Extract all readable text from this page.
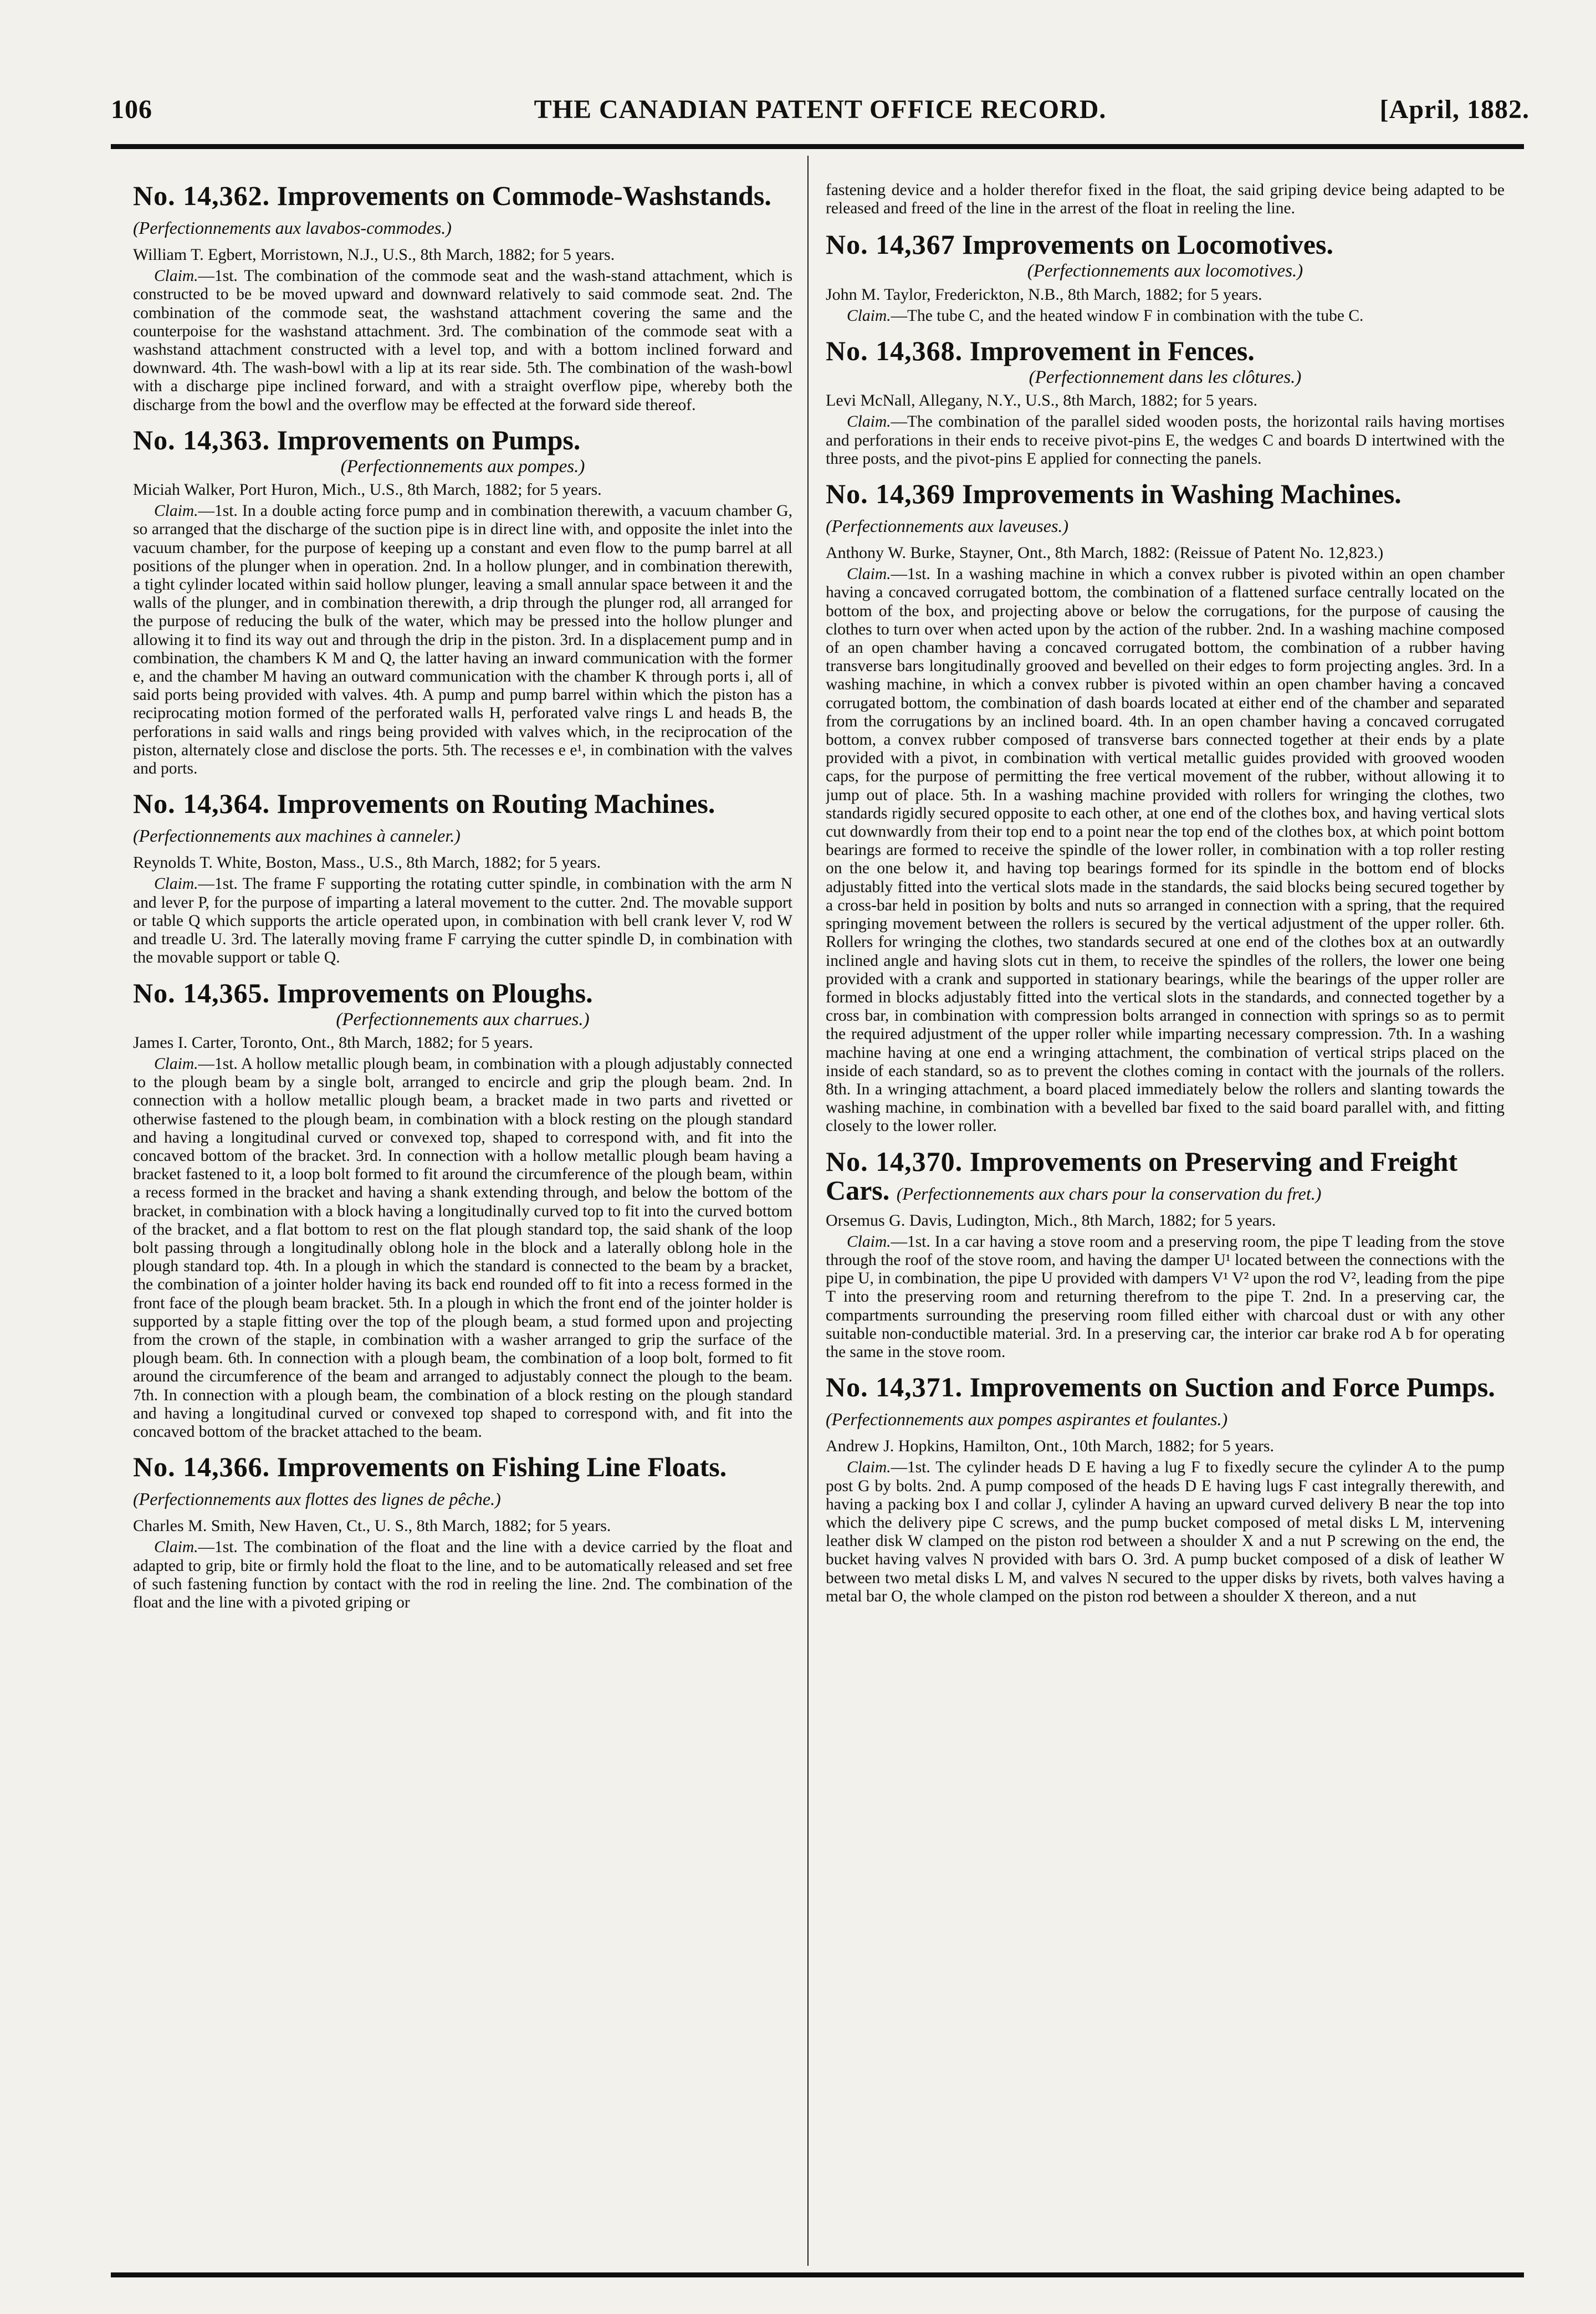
106	THE CANADIAN PATENT OFFICE RECORD.	[April, 1882.
No. 14,362. Improvements on Commode-Washstands. (Perfectionnements aux lavabos-commodes.)

William T. Egbert, Morristown, N.J., U.S., 8th March, 1882; for 5 years.

Claim.—1st. The combination of the commode seat and the wash-stand attachment, which is constructed to be be moved upward and downward relatively to said commode seat. 2nd. The combination of the commode seat, the washstand attachment covering the same and the counterpoise for the washstand attachment. 3rd. The combination of the commode seat with a washstand attachment constructed with a level top, and with a bottom inclined forward and downward. 4th. The wash-bowl with a lip at its rear side. 5th. The combination of the wash-bowl with a discharge pipe inclined forward, and with a straight overflow pipe, whereby both the discharge from the bowl and the overflow may be effected at the forward side thereof.

No. 14,363. Improvements on Pumps.

(Perfectionnements aux pompes.)

Miciah Walker, Port Huron, Mich., U.S., 8th March, 1882; for 5 years.

Claim.—1st. In a double acting force pump and in combination therewith, a vacuum chamber G, so arranged that the discharge of the suction pipe is in direct line with, and opposite the inlet into the vacuum chamber, for the purpose of keeping up a constant and even flow to the pump barrel at all positions of the plunger when in operation. 2nd. In a hollow plunger, and in combination therewith, a tight cylinder located within said hollow plunger, leaving a small annular space between it and the walls of the plunger, and in combination therewith, a drip through the plunger rod, all arranged for the purpose of reducing the bulk of the water, which may be pressed into the hollow plunger and allowing it to find its way out and through the drip in the piston. 3rd. In a displacement pump and in combination, the chambers K M and Q, the latter having an inward communication with the former e, and the chamber M having an outward communication with the chamber K through ports i, all of said ports being provided with valves. 4th. A pump and pump barrel within which the piston has a reciprocating motion formed of the perforated walls H, perforated valve rings L and heads B, the perforations in said walls and rings being provided with valves which, in the reciprocation of the piston, alternately close and disclose the ports. 5th. The recesses e e¹, in combination with the valves and ports.

No. 14,364. Improvements on Routing Machines. (Perfectionnements aux machines à canneler.)

Reynolds T. White, Boston, Mass., U.S., 8th March, 1882; for 5 years.

Claim.—1st. The frame F supporting the rotating cutter spindle, in combination with the arm N and lever P, for the purpose of imparting a lateral movement to the cutter. 2nd. The movable support or table Q which supports the article operated upon, in combination with bell crank lever V, rod W and treadle U. 3rd. The laterally moving frame F carrying the cutter spindle D, in combination with the movable support or table Q.

No. 14,365. Improvements on Ploughs.

(Perfectionnements aux charrues.)

James I. Carter, Toronto, Ont., 8th March, 1882; for 5 years.

Claim.—1st. A hollow metallic plough beam, in combination with a plough adjustably connected to the plough beam by a single bolt, arranged to encircle and grip the plough beam. 2nd. In connection with a hollow metallic plough beam, a bracket made in two parts and rivetted or otherwise fastened to the plough beam, in combination with a block resting on the plough standard and having a longitudinal curved or convexed top, shaped to correspond with, and fit into the concaved bottom of the bracket. 3rd. In connection with a hollow metallic plough beam having a bracket fastened to it, a loop bolt formed to fit around the circumference of the plough beam, within a recess formed in the bracket and having a shank extending through, and below the bottom of the bracket, in combination with a block having a longitudinally curved top to fit into the curved bottom of the bracket, and a flat bottom to rest on the flat plough standard top, the said shank of the loop bolt passing through a longitudinally oblong hole in the block and a laterally oblong hole in the plough standard top. 4th. In a plough in which the standard is connected to the beam by a bracket, the combination of a jointer holder having its back end rounded off to fit into a recess formed in the front face of the plough beam bracket. 5th. In a plough in which the front end of the jointer holder is supported by a staple fitting over the top of the plough beam, a stud formed upon and projecting from the crown of the staple, in combination with a washer arranged to grip the surface of the plough beam. 6th. In connection with a plough beam, the combination of a loop bolt, formed to fit around the circumference of the beam and arranged to adjustably connect the plough to the beam. 7th. In connection with a plough beam, the combination of a block resting on the plough standard and having a longitudinal curved or convexed top shaped to correspond with, and fit into the concaved bottom of the bracket attached to the beam.

No. 14,366. Improvements on Fishing Line Floats. (Perfectionnements aux flottes des lignes de pêche.)

Charles M. Smith, New Haven, Ct., U. S., 8th March, 1882; for 5 years.

Claim.—1st. The combination of the float and the line with a device carried by the float and adapted to grip, bite or firmly hold the float to the line, and to be automatically released and set free of such fastening function by contact with the rod in reeling the line. 2nd. The combination of the float and the line with a pivoted griping or

fastening device and a holder therefor fixed in the float, the said griping device being adapted to be released and freed of the line in the arrest of the float in reeling the line.

No. 14,367 Improvements on Locomotives.

(Perfectionnements aux locomotives.)

John M. Taylor, Frederickton, N.B., 8th March, 1882; for 5 years.

Claim.—The tube C, and the heated window F in combination with the tube C.

No. 14,368. Improvement in Fences.

(Perfectionnement dans les clôtures.)

Levi McNall, Allegany, N.Y., U.S., 8th March, 1882; for 5 years.

Claim.—The combination of the parallel sided wooden posts, the horizontal rails having mortises and perforations in their ends to receive pivot-pins E, the wedges C and boards D intertwined with the three posts, and the pivot-pins E applied for connecting the panels.

No. 14,369 Improvements in Washing Machines. (Perfectionnements aux laveuses.)

Anthony W. Burke, Stayner, Ont., 8th March, 1882: (Reissue of Patent No. 12,823.)

Claim.—1st. In a washing machine in which a convex rubber is pivoted within an open chamber having a concaved corrugated bottom, the combination of a flattened surface centrally located on the bottom of the box, and projecting above or below the corrugations, for the purpose of causing the clothes to turn over when acted upon by the action of the rubber. 2nd. In a washing machine composed of an open chamber having a concaved corrugated bottom, the combination of a rubber having transverse bars longitudinally grooved and bevelled on their edges to form projecting angles. 3rd. In a washing machine, in which a convex rubber is pivoted within an open chamber having a concaved corrugated bottom, the combination of dash boards located at either end of the chamber and separated from the corrugations by an inclined board. 4th. In an open chamber having a concaved corrugated bottom, a convex rubber composed of transverse bars connected together at their ends by a plate provided with a pivot, in combination with vertical metallic guides provided with grooved wooden caps, for the purpose of permitting the free vertical movement of the rubber, without allowing it to jump out of place. 5th. In a washing machine provided with rollers for wringing the clothes, two standards rigidly secured opposite to each other, at one end of the clothes box, and having vertical slots cut downwardly from their top end to a point near the top end of the clothes box, at which point bottom bearings are formed to receive the spindle of the lower roller, in combination with a top roller resting on the one below it, and having top bearings formed for its spindle in the bottom end of blocks adjustably fitted into the vertical slots made in the standards, the said blocks being secured together by a cross-bar held in position by bolts and nuts so arranged in connection with a spring, that the required springing movement between the rollers is secured by the vertical adjustment of the upper roller. 6th. Rollers for wringing the clothes, two standards secured at one end of the clothes box at an outwardly inclined angle and having slots cut in them, to receive the spindles of the rollers, the lower one being provided with a crank and supported in stationary bearings, while the bearings of the upper roller are formed in blocks adjustably fitted into the vertical slots in the standards, and connected together by a cross bar, in combination with compression bolts arranged in connection with springs so as to permit the required adjustment of the upper roller while imparting necessary compression. 7th. In a washing machine having at one end a wringing attachment, the combination of vertical strips placed on the inside of each standard, so as to prevent the clothes coming in contact with the journals of the rollers. 8th. In a wringing attachment, a board placed immediately below the rollers and slanting towards the washing machine, in combination with a bevelled bar fixed to the said board parallel with, and fitting closely to the lower roller.

No. 14,370. Improvements on Preserving and Freight Cars. (Perfectionnements aux chars pour la conservation du fret.)

Orsemus G. Davis, Ludington, Mich., 8th March, 1882; for 5 years.

Claim.—1st. In a car having a stove room and a preserving room, the pipe T leading from the stove through the roof of the stove room, and having the damper U¹ located between the connections with the pipe U, in combination, the pipe U provided with dampers V¹ V² upon the rod V², leading from the pipe T into the preserving room and returning therefrom to the pipe T. 2nd. In a preserving car, the compartments surrounding the preserving room filled either with charcoal dust or with any other suitable non-conductible material. 3rd. In a preserving car, the interior car brake rod A b for operating the same in the stove room.

No. 14,371. Improvements on Suction and Force Pumps. (Perfectionnements aux pompes aspirantes et foulantes.)

Andrew J. Hopkins, Hamilton, Ont., 10th March, 1882; for 5 years.

Claim.—1st. The cylinder heads D E having a lug F to fixedly secure the cylinder A to the pump post G by bolts. 2nd. A pump composed of the heads D E having lugs F cast integrally therewith, and having a packing box I and collar J, cylinder A having an upward curved delivery B near the top into which the delivery pipe C screws, and the pump bucket composed of metal disks L M, intervening leather disk W clamped on the piston rod between a shoulder X and a nut P screwing on the end, the bucket having valves N provided with bars O. 3rd. A pump bucket composed of a disk of leather W between two metal disks L M, and valves N secured to the upper disks by rivets, both valves having a metal bar O, the whole clamped on the piston rod between a shoulder X thereon, and a nut
